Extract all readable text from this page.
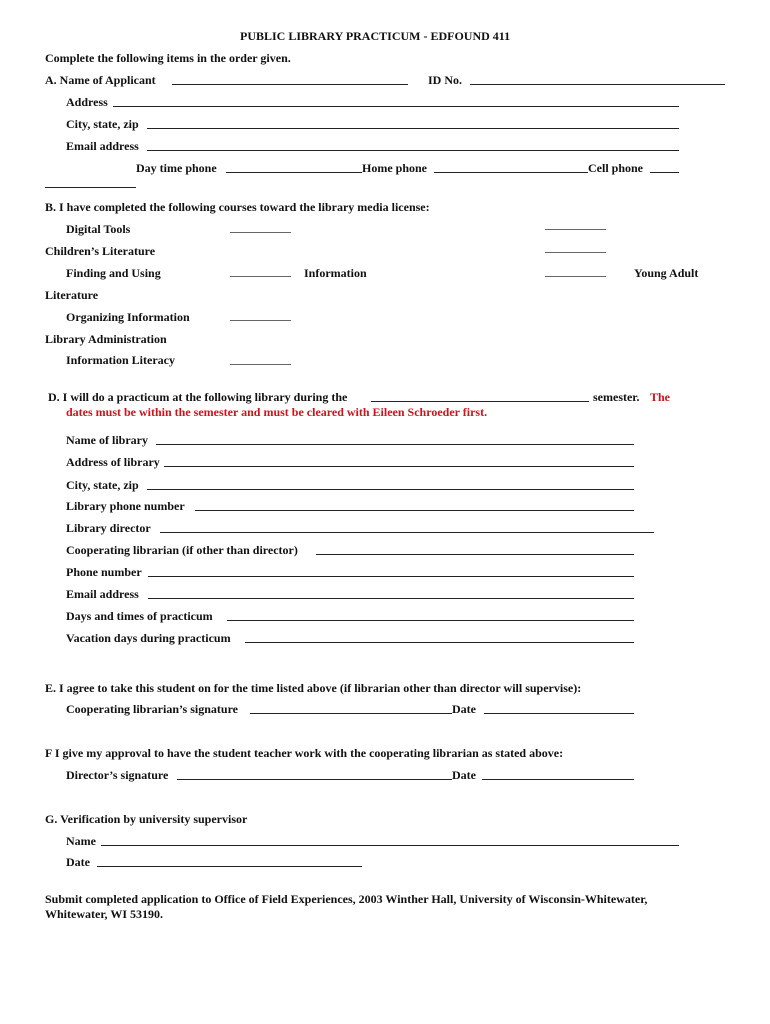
PUBLIC LIBRARY PRACTICUM - EDFOUND 411
Complete the following items in the order given.
A. Name of Applicant	ID No.
Address
City, state, zip
Email address
Day time phone	Home phone	Cell phone
B. I have completed the following courses toward the library media license:
Digital Tools
Children’s Literature
Finding and Using	Information	Young Adult
Literature
Organizing Information
Library Administration
Information Literacy
D. I will do a practicum at the following library during the	semester. The
dates must be within the semester and must be cleared with Eileen Schroeder first.
Name of library
Address of library
City, state, zip
Library phone number
Library director
Cooperating librarian (if other than director)
Phone number
Email address
Days and times of practicum
Vacation days during practicum
E. I agree to take this student on for the time listed above (if librarian other than director will supervise):
Cooperating librarian’s signature	Date
F I give my approval to have the student teacher work with the cooperating librarian as stated above:
Director’s signature	Date
G. Verification by university supervisor
Name
Date
Submit completed application to Office of Field Experiences, 2003 Winther Hall, University of Wisconsin-Whitewater,
Whitewater, WI 53190.
